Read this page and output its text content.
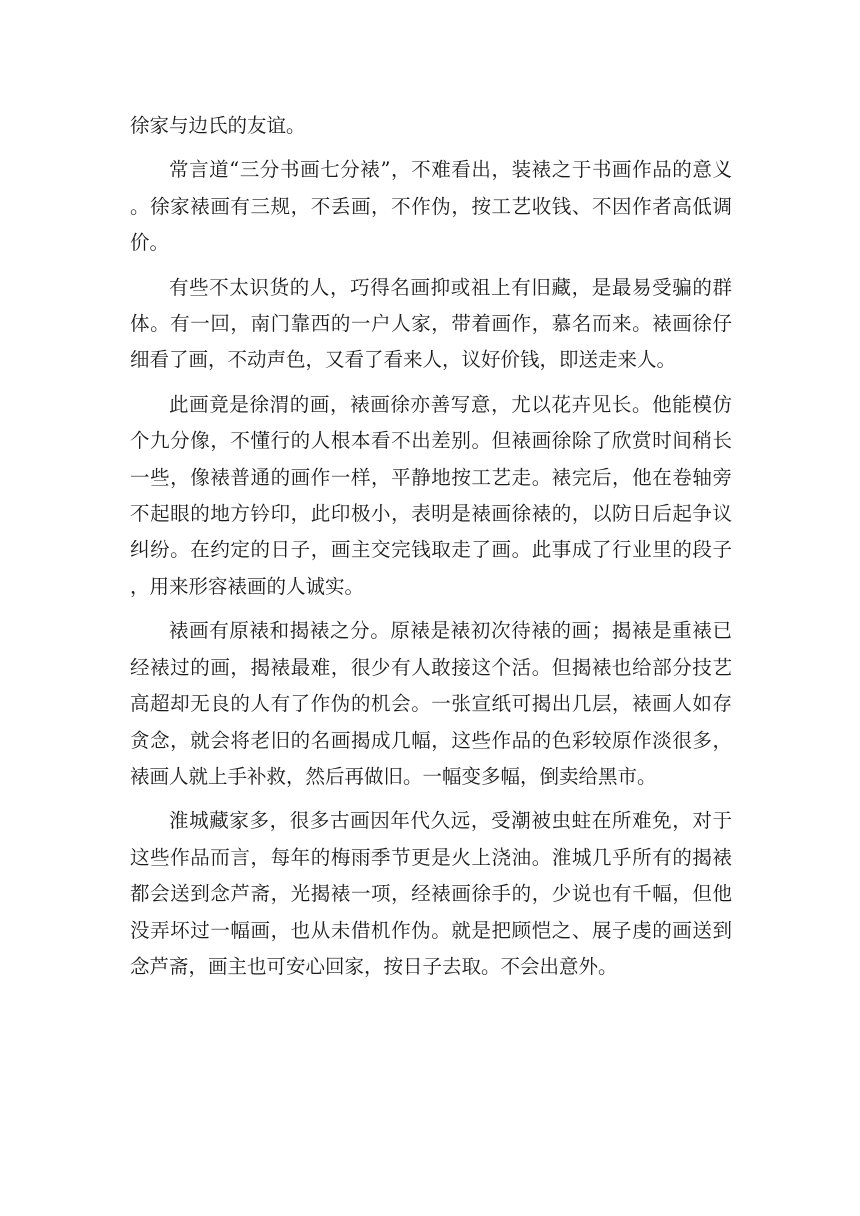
徐家与边氏的友谊。

常言道“三分书画七分裱”，不难看出，装裱之于书画作品的意义。徐家裱画有三规，不丢画，不作伪，按工艺收钱、不因作者高低调价。

有些不太识货的人，巧得名画抑或祖上有旧藏，是最易受骗的群体。有一回，南门靠西的一户人家，带着画作，慕名而来。裱画徐仔细看了画，不动声色，又看了看来人，议好价钱，即送走来人。

此画竟是徐渭的画，裱画徐亦善写意，尤以花卉见长。他能模仿个九分像，不懂行的人根本看不出差别。但裱画徐除了欣赏时间稍长一些，像裱普通的画作一样，平静地按工艺走。裱完后，他在卷轴旁不起眼的地方钤印，此印极小，表明是裱画徐裱的，以防日后起争议纠纷。在约定的日子，画主交完钱取走了画。此事成了行业里的段子，用来形容裱画的人诚实。

裱画有原裱和揭裱之分。原裱是裱初次待裱的画；揭裱是重裱已经裱过的画，揭裱最难，很少有人敢接这个活。但揭裱也给部分技艺高超却无良的人有了作伪的机会。一张宣纸可揭出几层，裱画人如存贪念，就会将老旧的名画揭成几幅，这些作品的色彩较原作淡很多，裱画人就上手补救，然后再做旧。一幅变多幅，倒卖给黑市。

淮城藏家多，很多古画因年代久远，受潮被虫蛀在所难免，对于这些作品而言，每年的梅雨季节更是火上浇油。淮城几乎所有的揭裱都会送到念芦斋，光揭裱一项，经裱画徐手的，少说也有千幅，但他没弄坏过一幅画，也从未借机作伪。就是把顾恺之、展子虔的画送到念芦斋，画主也可安心回家，按日子去取。不会出意外。
